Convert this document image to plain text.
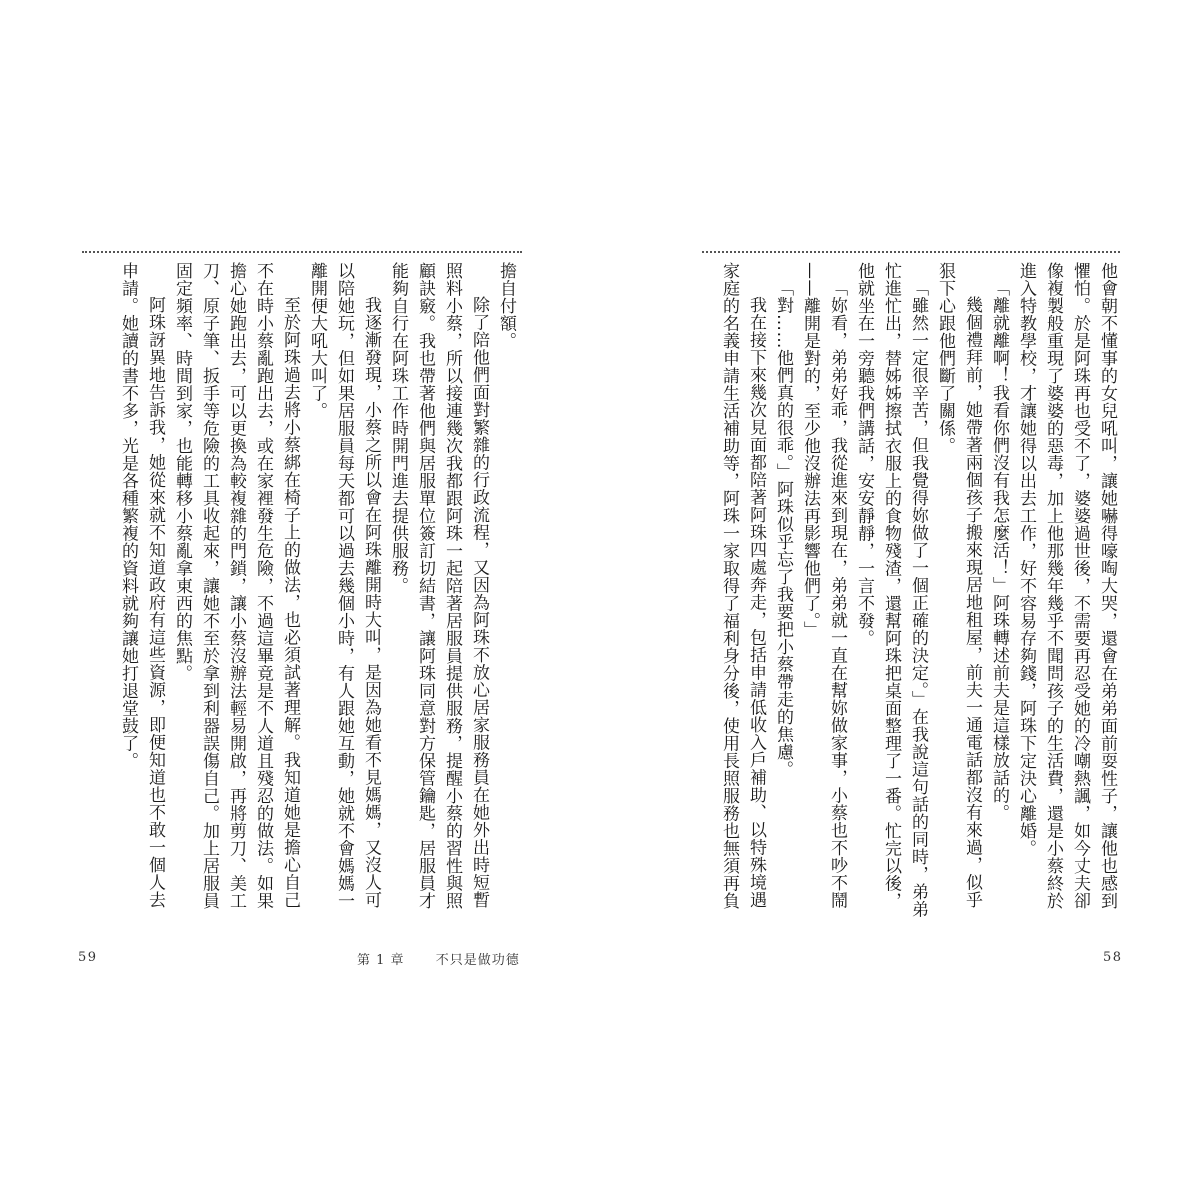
擔自付額。

除了陪他們面對繁雜的行政流程，又因為阿珠不放心居家服務員在她外出時短暫照料小蔡，所以接連幾次我都跟阿珠一起陪著居服員提供服務，提醒小蔡的習性與照顧訣竅。我也帶著他們與居服單位簽訂切結書，讓阿珠同意對方保管鑰匙，居服員才能夠自行在阿珠工作時開門進去提供服務。

我逐漸發現，小蔡之所以會在阿珠離開時大叫，是因為她看不見媽媽，又沒人可以陪她玩，但如果居服員每天都可以過去幾個小時，有人跟她互動，她就不會媽媽一離開便大吼大叫了。

至於阿珠過去將小蔡綁在椅子上的做法，也必須試著理解。我知道她是擔心自己不在時小蔡亂跑出去，或在家裡發生危險，不過這畢竟是不人道且殘忍的做法。如果擔心她跑出去，可以更換為較複雜的門鎖，讓小蔡沒辦法輕易開啟，再將剪刀、美工刀、原子筆、扳手等危險的工具收起來，讓她不至於拿到利器誤傷自己。加上居服員固定頻率、時間到家，也能轉移小蔡亂拿東西的焦點。

阿珠訝異地告訴我，她從來就不知道政府有這些資源，即便知道也不敢一個人去申請。她讀的書不多，光是各種繁複的資料就夠讓她打退堂鼓了。

59	第 1 章 不只是做功德

他會朝不懂事的女兒吼叫，讓她嚇得嚎啕大哭，還會在弟弟面前耍性子，讓他也感到懼怕。於是阿珠再也受不了，婆婆過世後，不需要再忍受她的冷嘲熱諷，如今丈夫卻像複製般重現了婆婆的惡毒，加上他那幾年幾乎不聞問孩子的生活費，還是小蔡終於進入特教學校，才讓她得以出去工作，好不容易存夠錢，阿珠下定決心離婚。

「離就離啊！我看你們沒有我怎麼活！」阿珠轉述前夫是這樣放話的。

幾個禮拜前，她帶著兩個孩子搬來現居地租屋，前夫一通電話都沒有來過，似乎狠下心跟他們斷了關係。

「雖然一定很辛苦，但我覺得妳做了一個正確的決定。」在我說這句話的同時，弟弟忙進忙出，替姊姊擦拭衣服上的食物殘渣，還幫阿珠把桌面整理了一番。忙完以後，他就坐在一旁聽我們講話，安安靜靜，一言不發。

「妳看，弟弟好乖，我從進來到現在，弟弟就一直在幫妳做家事，小蔡也不吵不鬧——離開是對的，至少他沒辦法再影響他們了。」

「對……他們真的很乖。」阿珠似乎忘了我要把小蔡帶走的焦慮。

我在接下來幾次見面都陪著阿珠四處奔走，包括申請低收入戶補助、以特殊境遇家庭的名義申請生活補助等，阿珠一家取得了福利身分後，使用長照服務也無須再負

58
